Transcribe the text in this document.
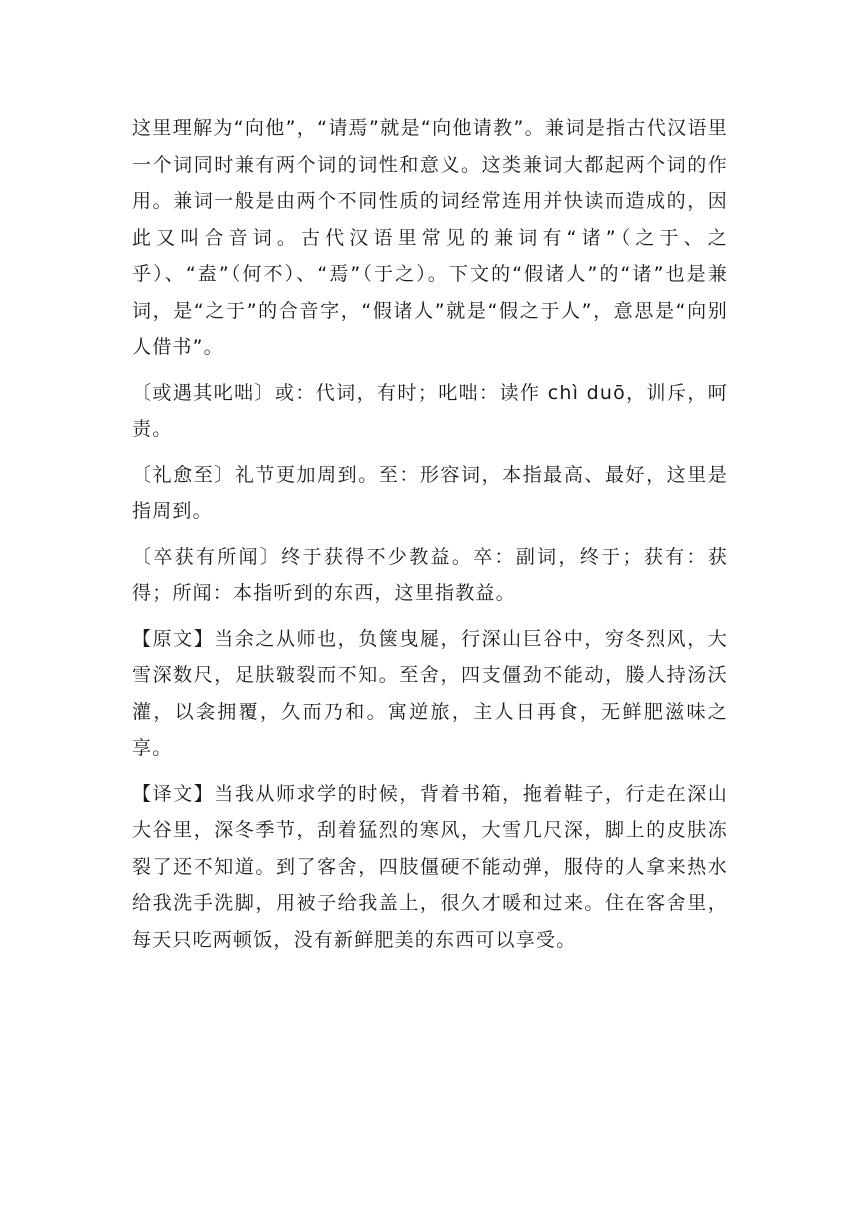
这里理解为“向他”，“请焉”就是“向他请教”。兼词是指古代汉语里一个词同时兼有两个词的词性和意义。这类兼词大都起两个词的作用。兼词一般是由两个不同性质的词经常连用并快读而造成的，因此又叫合音词。古代汉语里常见的兼词有“诸”（之于、之乎）、“盍”（何不）、“焉”（于之）。下文的“假诸人”的“诸”也是兼词，是“之于”的合音字，“假诸人”就是“假之于人”，意思是“向别人借书”。

〔或遇其叱咄〕或：代词，有时；叱咄：读作 chì duō，训斥，呵责。

〔礼愈至〕礼节更加周到。至：形容词，本指最高、最好，这里是指周到。

〔卒获有所闻〕终于获得不少教益。卒：副词，终于；获有：获得；所闻：本指听到的东西，这里指教益。

【原文】当余之从师也，负箧曳屣，行深山巨谷中，穷冬烈风，大雪深数尺，足肤皲裂而不知。至舍，四支僵劲不能动，媵人持汤沃灌，以衾拥覆，久而乃和。寓逆旅，主人日再食，无鲜肥滋味之享。

【译文】当我从师求学的时候，背着书箱，拖着鞋子，行走在深山大谷里，深冬季节，刮着猛烈的寒风，大雪几尺深，脚上的皮肤冻裂了还不知道。到了客舍，四肢僵硬不能动弹，服侍的人拿来热水给我洗手洗脚，用被子给我盖上，很久才暖和过来。住在客舍里，每天只吃两顿饭，没有新鲜肥美的东西可以享受。
